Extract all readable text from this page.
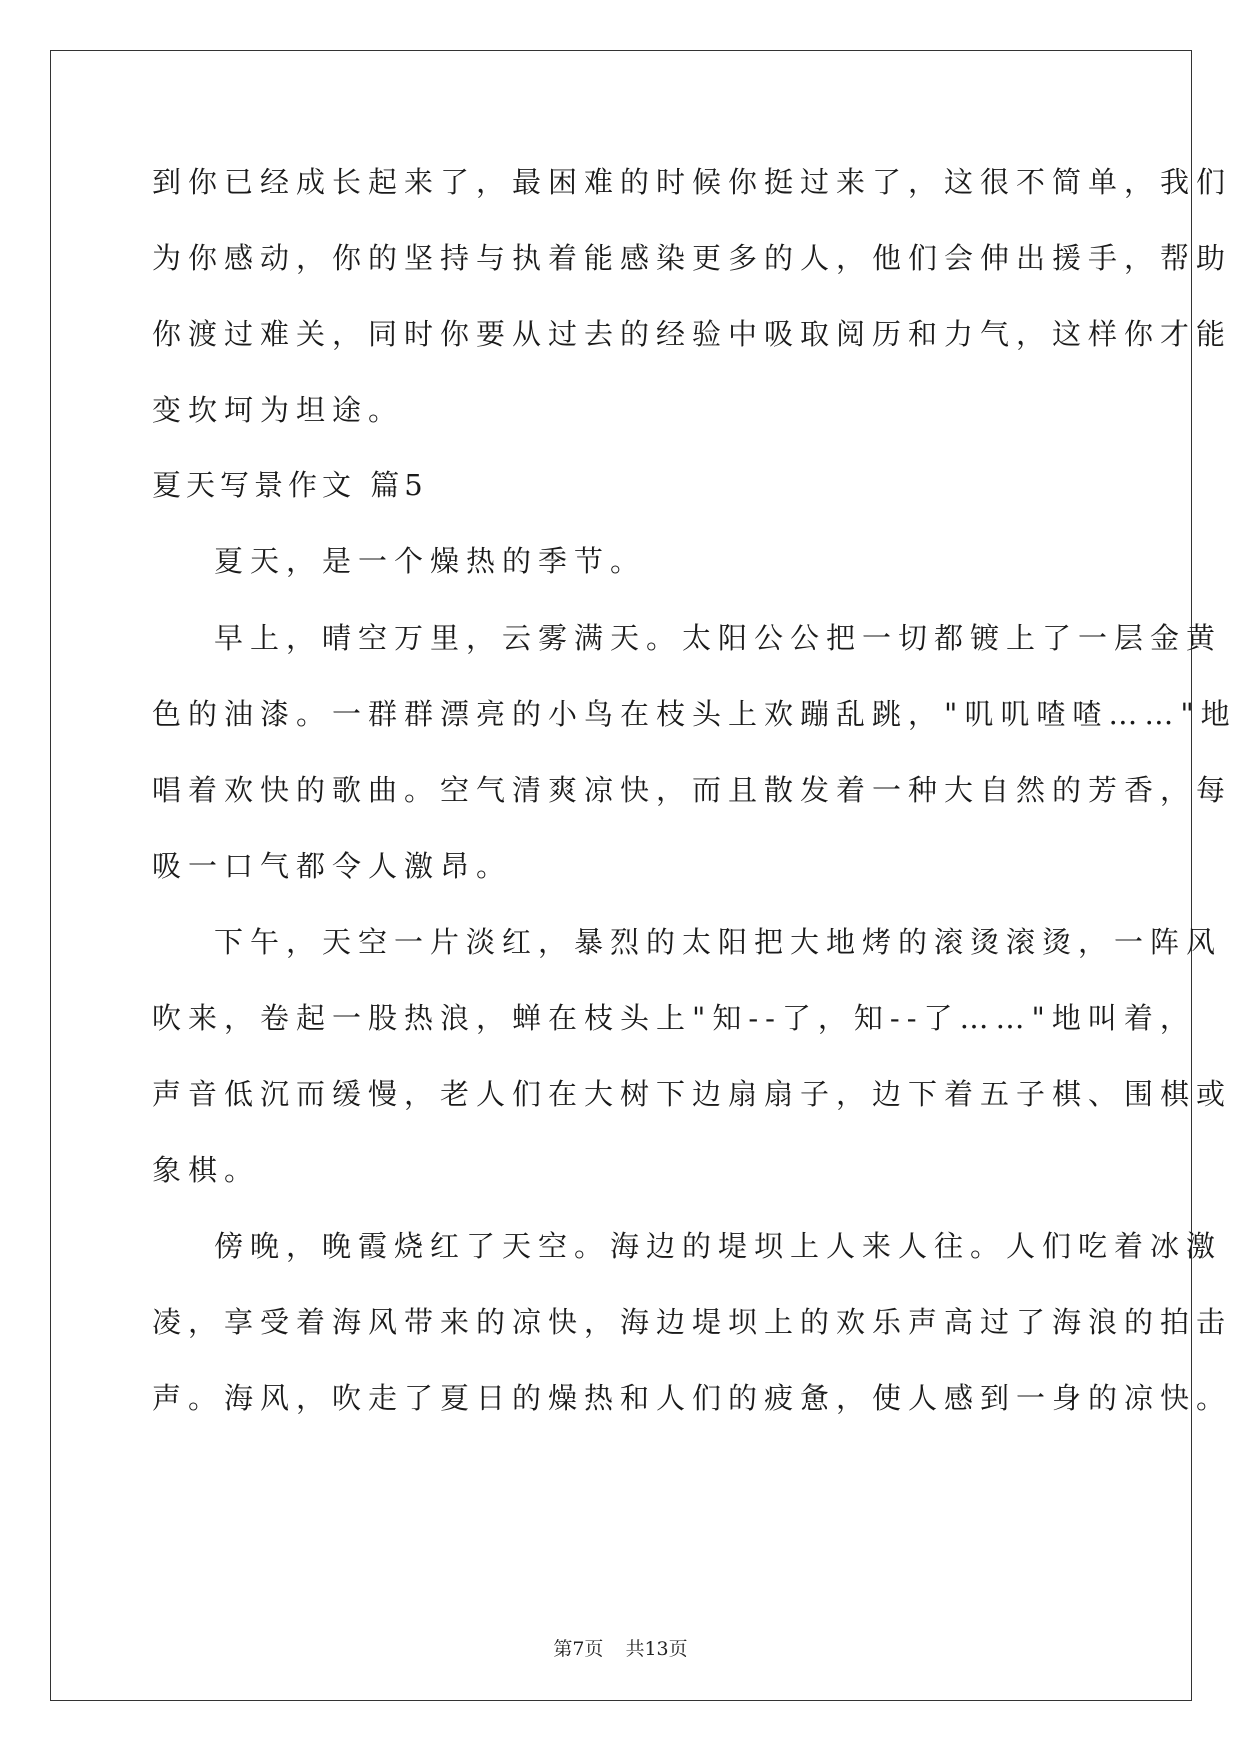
到你已经成长起来了，最困难的时候你挺过来了，这很不简单，我们
为你感动，你的坚持与执着能感染更多的人，他们会伸出援手，帮助
你渡过难关，同时你要从过去的经验中吸取阅历和力气，这样你才能
变坎坷为坦途。
夏天写景作文 篇5
夏天，是一个燥热的季节。
早上，晴空万里，云雾满天。太阳公公把一切都镀上了一层金黄
色的油漆。一群群漂亮的小鸟在枝头上欢蹦乱跳，"叽叽喳喳……"地
唱着欢快的歌曲。空气清爽凉快，而且散发着一种大自然的芳香，每
吸一口气都令人激昂。
下午，天空一片淡红，暴烈的太阳把大地烤的滚烫滚烫，一阵风
吹来，卷起一股热浪，蝉在枝头上"知--了，知--了……"地叫着，
声音低沉而缓慢，老人们在大树下边扇扇子，边下着五子棋、围棋或
象棋。
傍晚，晚霞烧红了天空。海边的堤坝上人来人往。人们吃着冰激
凌，享受着海风带来的凉快，海边堤坝上的欢乐声高过了海浪的拍击
声。海风，吹走了夏日的燥热和人们的疲惫，使人感到一身的凉快。
第7页 共13页
